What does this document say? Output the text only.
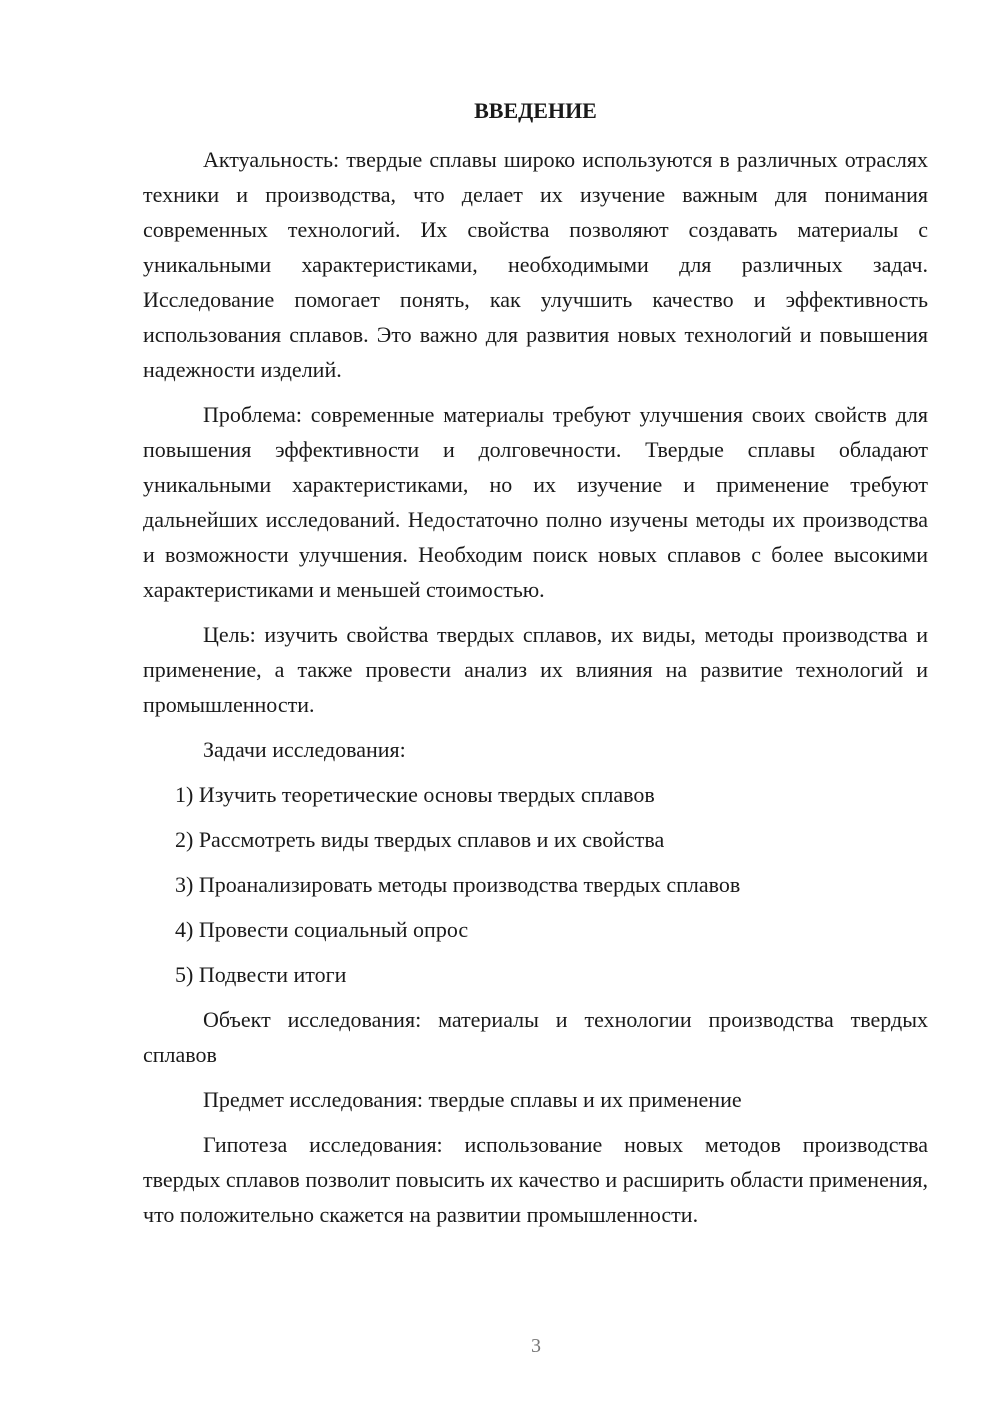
ВВЕДЕНИЕ

Актуальность: твердые сплавы широко используются в различных отраслях техники и производства, что делает их изучение важным для понимания современных технологий. Их свойства позволяют создавать материалы с уникальными характеристиками, необходимыми для различных задач. Исследование помогает понять, как улучшить качество и эффективность использования сплавов. Это важно для развития новых технологий и повышения надежности изделий.

Проблема: современные материалы требуют улучшения своих свойств для повышения эффективности и долговечности. Твердые сплавы обладают уникальными характеристиками, но их изучение и применение требуют дальнейших исследований. Недостаточно полно изучены методы их производства и возможности улучшения. Необходим поиск новых сплавов с более высокими характеристиками и меньшей стоимостью.

Цель: изучить свойства твердых сплавов, их виды, методы производства и применение, а также провести анализ их влияния на развитие технологий и промышленности.

Задачи исследования:

1) Изучить теоретические основы твердых сплавов
2) Рассмотреть виды твердых сплавов и их свойства
3) Проанализировать методы производства твердых сплавов
4) Провести социальный опрос
5) Подвести итоги

Объект исследования: материалы и технологии производства твердых сплавов

Предмет исследования: твердые сплавы и их применение

Гипотеза исследования: использование новых методов производства твердых сплавов позволит повысить их качество и расширить области применения, что положительно скажется на развитии промышленности.

3
